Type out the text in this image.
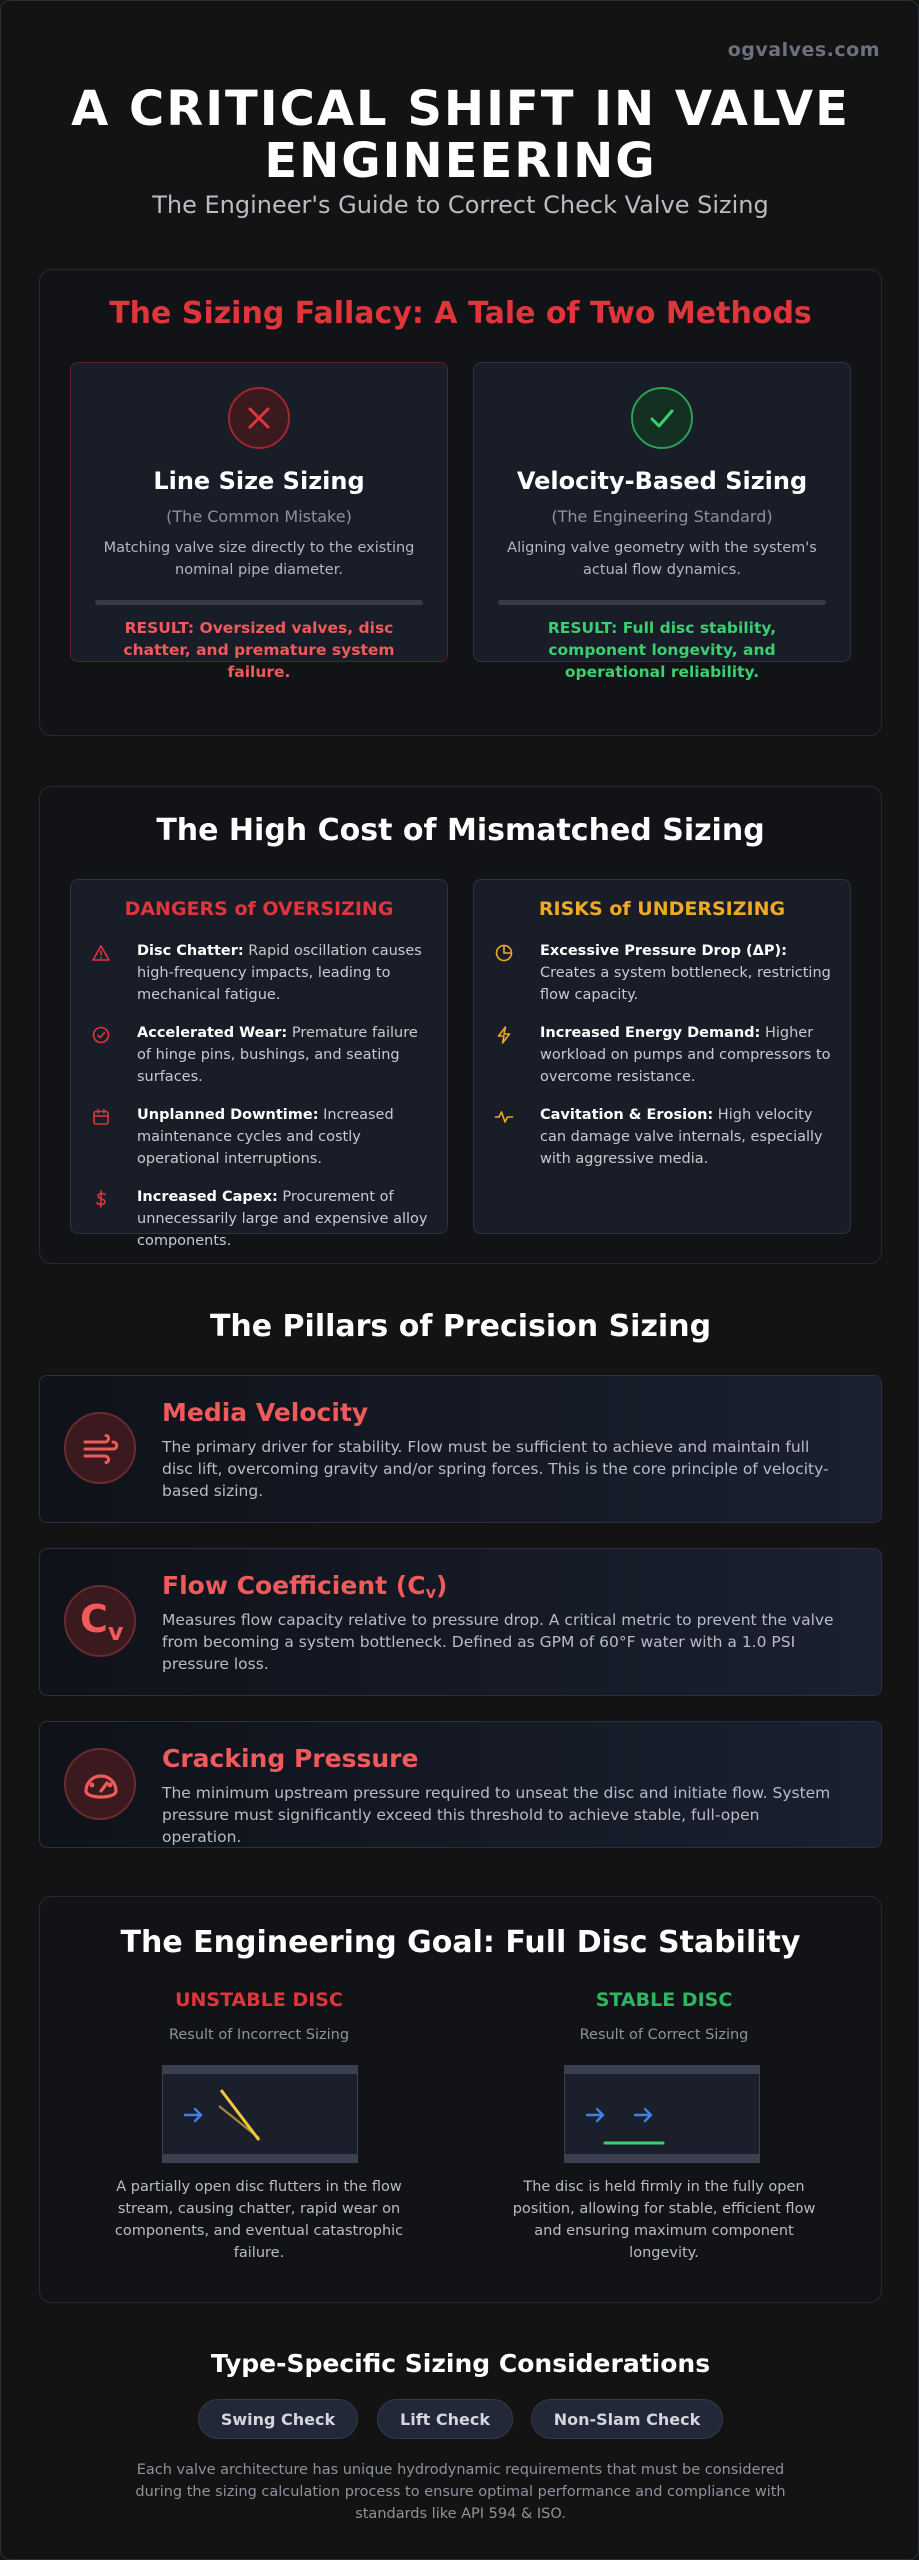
ogvalves.com
A CRITICAL SHIFT IN VALVE ENGINEERING
The Engineer's Guide to Correct Check Valve Sizing
The Sizing Fallacy: A Tale of Two Methods
Line Size Sizing
(The Common Mistake)
Matching valve size directly to the existing nominal pipe diameter.
RESULT: Oversized valves, disc chatter, and premature system failure.
Velocity-Based Sizing
(The Engineering Standard)
Aligning valve geometry with the system's actual flow dynamics.
RESULT: Full disc stability, component longevity, and operational reliability.
The High Cost of Mismatched Sizing
DANGERS of OVERSIZING
Disc Chatter: Rapid oscillation causes high-frequency impacts, leading to mechanical fatigue.
Accelerated Wear: Premature failure of hinge pins, bushings, and seating surfaces.
Unplanned Downtime: Increased maintenance cycles and costly operational interruptions.
Increased Capex: Procurement of unnecessarily large and expensive alloy components.
RISKS of UNDERSIZING
Excessive Pressure Drop (ΔP): Creates a system bottleneck, restricting flow capacity.
Increased Energy Demand: Higher workload on pumps and compressors to overcome resistance.
Cavitation & Erosion: High velocity can damage valve internals, especially with aggressive media.
The Pillars of Precision Sizing
Media Velocity
The primary driver for stability. Flow must be sufficient to achieve and maintain full disc lift, overcoming gravity and/or spring forces. This is the core principle of velocity-based sizing.
$C_v$
Flow Coefficient (Cv)
Measures flow capacity relative to pressure drop. A critical metric to prevent the valve from becoming a system bottleneck. Defined as GPM of 60°F water with a 1.0 PSI pressure loss.
Cracking Pressure
The minimum upstream pressure required to unseat the disc and initiate flow. System pressure must significantly exceed this threshold to achieve stable, full-open operation.
The Engineering Goal: Full Disc Stability
UNSTABLE DISC
Result of Incorrect Sizing
A partially open disc flutters in the flow stream, causing chatter, rapid wear on components, and eventual catastrophic failure.
STABLE DISC
Result of Correct Sizing
The disc is held firmly in the fully open position, allowing for stable, efficient flow and ensuring maximum component longevity.
Type-Specific Sizing Considerations
Swing Check	Lift Check	Non-Slam Check
Each valve architecture has unique hydrodynamic requirements that must be considered during the sizing calculation process to ensure optimal performance and compliance with standards like API 594 & ISO.
